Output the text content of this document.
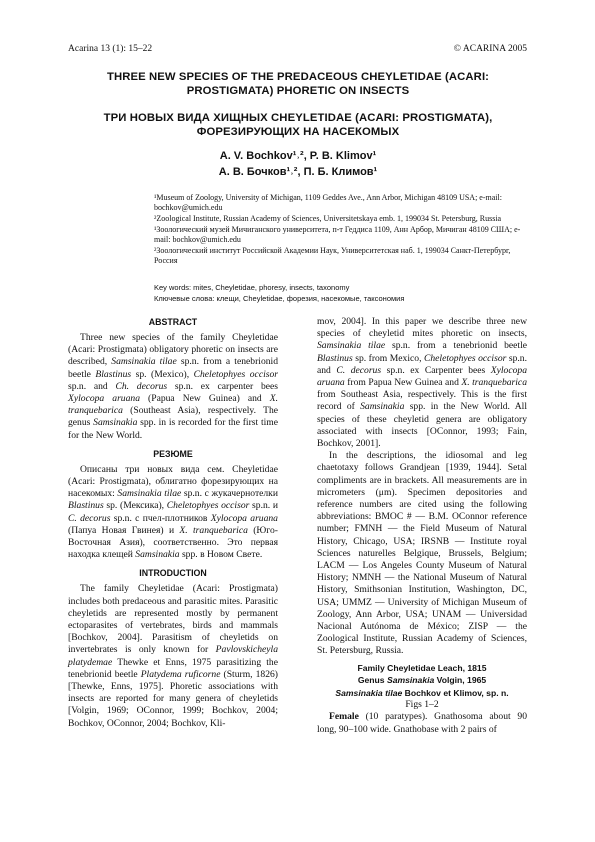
Acarina 13 (1): 15–22	© ACARINA 2005
THREE NEW SPECIES OF THE PREDACEOUS CHEYLETIDAE (ACARI:
PROSTIGMATA) PHORETIC ON INSECTS
ТРИ НОВЫХ ВИДА ХИЩНЫХ CHEYLETIDAE (ACARI: PROSTIGMATA),
ФОРЕЗИРУЮЩИХ НА НАСЕКОМЫХ
A. V. Bochkov¹˒², P. B. Klimov¹
А. В. Бочков¹˒², П. Б. Климов¹

¹Museum of Zoology, University of Michigan, 1109 Geddes Ave., Ann Arbor, Michigan 48109 USA; e-mail: bochkov@umich.edu

²Zoological Institute, Russian Academy of Sciences, Universitetskaya emb. 1, 199034 St. Petersburg, Russia

¹Зоологический музей Мичиганского университета, п-т Геддиса 1109, Анн Арбор, Мичиган 48109 США; e-mail: bochkov@umich.edu

²Зоологический институт Российской Академии Наук, Университетская наб. 1, 199034 Санкт-Петербург, Россия

Key words: mites, Cheyletidae, phoresy, insects, taxonomy

Ключевые слова: клещи, Cheyletidae, форезия, насекомые, таксономия

ABSTRACT

Three new species of the family Cheyletidae (Acari: Prostigmata) obligatory phoretic on insects are described, Samsinakia tilae sp.n. from a tenebrionid beetle Blastinus sp. (Mexico), Cheletophyes occisor sp.n. and Ch. decorus sp.n. ex carpenter bees Xylocopa aruana (Papua New Guinea) and X. tranquebarica (Southeast Asia), respectively. The genus Samsinakia spp. in is recorded for the first time for the New World.

РЕЗЮМЕ

Описаны три новых вида сем. Cheyletidae (Acari: Prostigmata), облигатно форезирующих на насекомых: Samsinakia tilae sp.n. с жукачернотелки Blastinus sp. (Мексика), Cheletophyes occisor sp.n. и C. decorus sp.n. с пчел-плотников Xylocopa aruana (Папуа Новая Гвинея) и X. tranquebarica (Юго-Восточная Азия), соответственно. Это первая находка клещей Samsinakia spp. в Новом Свете.

INTRODUCTION

The family Cheyletidae (Acari: Prostigmata) includes both predaceous and parasitic mites. Parasitic cheyletids are represented mostly by permanent ectoparasites of vertebrates, birds and mammals [Bochkov, 2004]. Parasitism of cheyletids on invertebrates is only known for Pavlovskicheyla platydemae Thewke et Enns, 1975 parasitizing the tenebrionid beetle Platydema ruficorne (Sturm, 1826) [Thewke, Enns, 1975]. Phoretic associations with insects are reported for many genera of cheyletids [Volgin, 1969; OConnor, 1999; Bochkov, 2004; Bochkov, OConnor, 2004; Bochkov, Kli-

mov, 2004]. In this paper we describe three new species of cheyletid mites phoretic on insects, Samsinakia tilae sp.n. from a tenebrionid beetle Blastinus sp. from Mexico, Cheletophyes occisor sp.n. and C. decorus sp.n. ex Carpenter bees Xylocopa aruana from Papua New Guinea and X. tranquebarica from Southeast Asia, respectively. This is the first record of Samsinakia spp. in the New World. All species of these cheyletid genera are obligatory associated with insects [OConnor, 1993; Fain, Bochkov, 2001].

In the descriptions, the idiosomal and leg chaetotaxy follows Grandjean [1939, 1944]. Setal compliments are in brackets. All measurements are in micrometers (μm). Specimen depositories and reference numbers are cited using the following abbreviations: BMOC # — B.M. OConnor reference number; FMNH — the Field Museum of Natural History, Chicago, USA; IRSNB — Institute royal Sciences naturelles Belgique, Brussels, Belgium; LACM — Los Angeles County Museum of Natural History; NMNH — the National Museum of Natural History, Smithsonian Institution, Washington, DC, USA; UMMZ — University of Michigan Museum of Zoology, Ann Arbor, USA; UNAM — Universidad Nacional Autónoma de México; ZISP — the Zoological Institute, Russian Academy of Sciences, St. Petersburg, Russia.

Family Cheyletidae Leach, 1815
Genus Samsinakia Volgin, 1965
Samsinakia tilae Bochkov et Klimov, sp. n.

Figs 1–2

Female (10 paratypes). Gnathosoma about 90 long, 90–100 wide. Gnathobase with 2 pairs of
